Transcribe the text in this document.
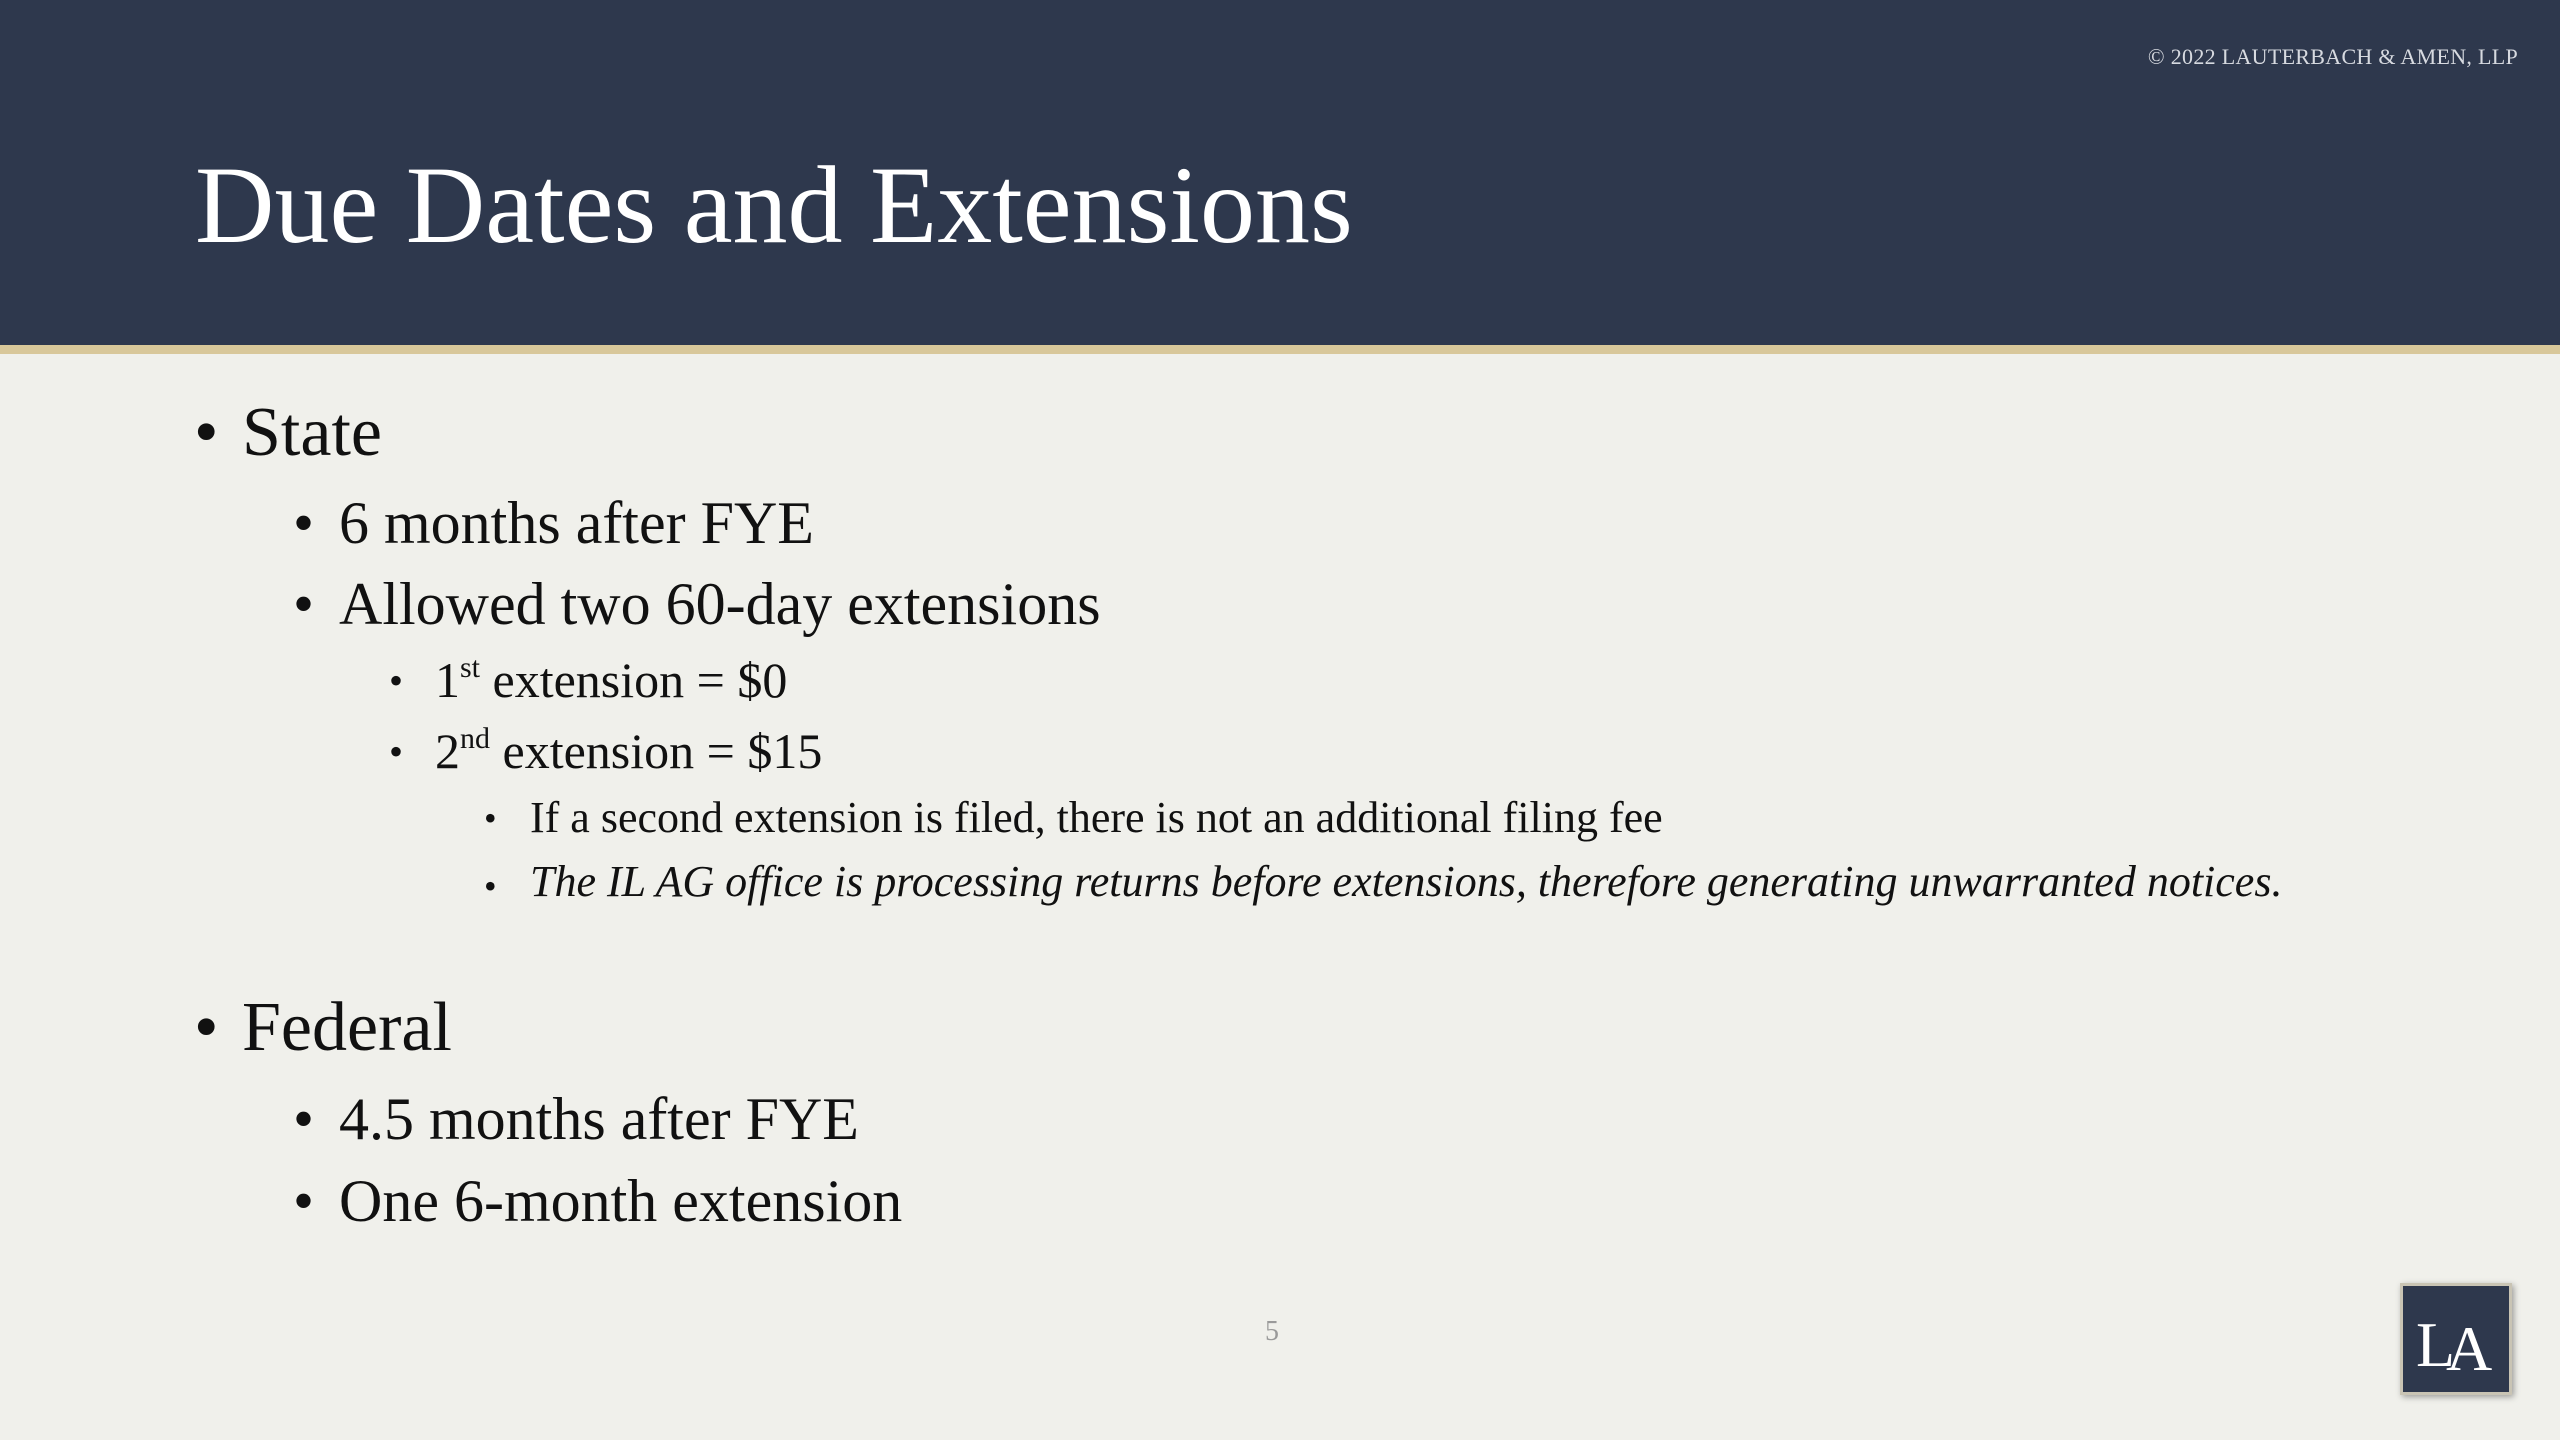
© 2022 LAUTERBACH & AMEN, LLP
Due Dates and Extensions
• State
• 6 months after FYE
• Allowed two 60-day extensions
• 1st extension = $0
• 2nd extension = $15
• If a second extension is filed, there is not an additional filing fee
• The IL AG office is processing returns before extensions, therefore generating unwarranted notices.
• Federal
• 4.5 months after FYE
• One 6-month extension
5	L
A
